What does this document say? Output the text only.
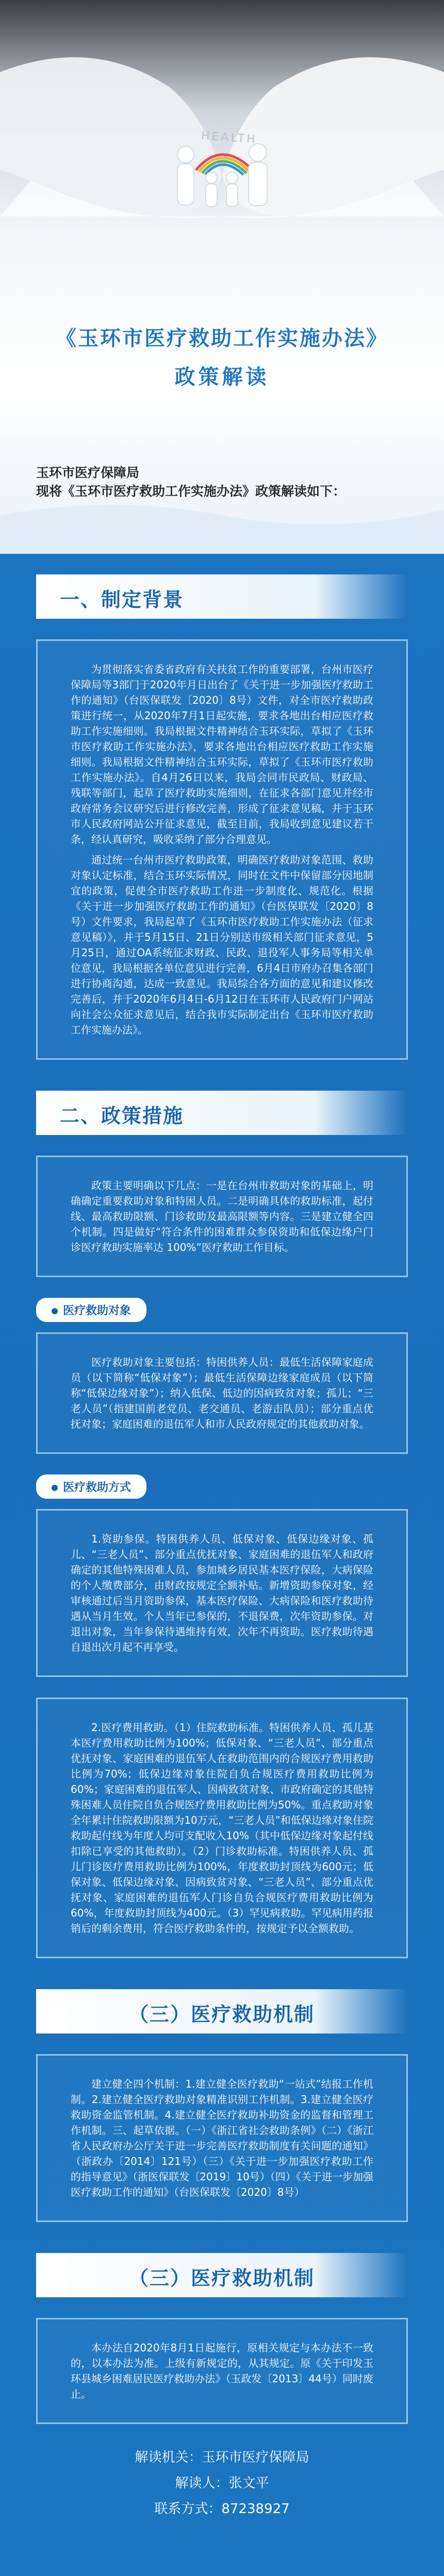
HEALTH
《玉环市医疗救助工作实施办法》
政策解读
玉环市医疗保障局
现将《玉环市医疗救助工作实施办法》政策解读如下：
一、制定背景

为贯彻落实省委省政府有关扶贫工作的重要部署，台州市医疗保障局等3部门于2020年月日出台了《关于进一步加强医疗救助工作的通知》（台医保联发〔2020〕8号）文件，对全市医疗救助政策进行统一，从2020年7月1日起实施，要求各地出台相应医疗救助工作实施细则。我局根据文件精神结合玉环实际，草拟了《玉环市医疗救助工作实施办法》，要求各地出台相应医疗救助工作实施细则。我局根据文件精神结合玉环实际，草拟了《玉环市医疗救助工作实施办法》。自4月26日以来，我局会同市民政局、财政局、残联等部门，起草了医疗救助实施细则，在征求各部门意见并经市政府常务会议研究后进行修改完善，形成了征求意见稿，并于玉环市人民政府网站公开征求意见，截至目前，我局收到意见建议若干条，经认真研究，吸收采纳了部分合理意见。

通过统一台州市医疗救助政策，明确医疗救助对象范围、救助对象认定标准，结合玉环实际情况，同时在文件中保留部分因地制宜的政策，促使全市医疗救助工作进一步制度化、规范化。根据《关于进一步加强医疗救助工作的通知》（台医保联发〔2020〕8号）文件要求，我局起草了《玉环市医疗救助工作实施办法（征求意见稿）》，并于5月15日、21日分别送市级相关部门征求意见，5月25日，通过OA系统征求财政、民政、退役军人事务局等相关单位意见，我局根据各单位意见进行完善，6月4日市府办召集各部门进行协商沟通，达成一致意见。我局综合各方面的意见和建议修改完善后，并于2020年6月4日-6月12日在玉环市人民政府门户网站向社会公众征求意见后，结合我市实际制定出台《玉环市医疗救助工作实施办法》。

二、政策措施

政策主要明确以下几点：一是在台州市救助对象的基础上，明确确定重要救助对象和特困人员。二是明确具体的救助标准，起付线、最高救助限额、门诊救助及最高限额等内容。三是建立健全四个机制。四是做好“符合条件的困难群众参保资助和低保边缘户门诊医疗救助实施率达 100%”医疗救助工作目标。

医疗救助对象

医疗救助对象主要包括：特困供养人员：最低生活保障家庭成员（以下简称“低保对象”）；最低生活保障边缘家庭成员（以下简称“低保边缘对象”）；纳入低保、低边的因病致贫对象；孤儿；“三老人员”（指建国前老党员、老交通员、老游击队员）；部分重点优抚对象；家庭困难的退伍军人和市人民政府规定的其他救助对象。

医疗救助方式

1.资助参保。特困供养人员、低保对象、低保边缘对象、孤儿、“三老人员”、部分重点优抚对象、家庭困难的退伍军人和政府确定的其他特殊困难人员，参加城乡居民基本医疗保险，大病保险的个人缴费部分，由财政按规定全额补贴。新增资助参保对象，经审核通过后当月资助参保，基本医疗保险、大病保险和医疗救助待遇从当月生效。个人当年已参保的，不退保费，次年资助参保。对退出对象，当年参保待遇维持有效，次年不再资助。医疗救助待遇自退出次月起不再享受。

2.医疗费用救助。（1）住院救助标准。特困供养人员、孤儿基本医疗费用救助比例为100%；低保对象、“三老人员”、部分重点优抚对象、家庭困难的退伍军人在救助范围内的合规医疗费用救助比例为70%；低保边缘对象住院自负合规医疗费用救助比例为60%；家庭困难的退伍军人、因病致贫对象、市政府确定的其他特殊困难人员住院自负合规医疗费用救助比例为50%。重点救助对象全年累计住院救助限额为10万元，“三老人员”和低保边缘对象住院救助起付线为年度人均可支配收入10%（其中低保边缘对象起付线扣除已享受的其他救助）。（2）门诊救助标准。特困供养人员、孤儿门诊医疗费用救助比例为100%，年度救助封顶线为600元；低保对象、低保边缘对象、因病致贫对象、“三老人员”、部分重点优抚对象、家庭困难的退伍军人门诊自负合规医疗费用救助比例为60%，年度救助封顶线为400元。（3）罕见病救助。罕见病用药报销后的剩余费用，符合医疗救助条件的，按规定予以全额救助。

（三）医疗救助机制

建立健全四个机制：1.建立健全医疗救助“一站式”结报工作机制。2.建立健全医疗救助对象精准识别工作机制。3.建立健全医疗救助资金监管机制。4.建立健全医疗救助补助资金的监督和管理工作机制。三、起草依据。（一）《浙江省社会救助条例》（二）《浙江省人民政府办公厅关于进一步完善医疗救助制度有关问题的通知》（浙政办〔2014〕121号）（三）《关于进一步加强医疗救助工作的指导意见》（浙医保联发〔2019〕10号）（四）《关于进一步加强医疗救助工作的通知》（台医保联发〔2020〕8号）

（三）医疗救助机制

本办法自2020年8月1日起施行，原相关规定与本办法不一致的，以本办法为准。上级有新规定的，从其规定。原《关于印发玉环县城乡困难居民医疗救助办法》（玉政发〔2013〕44号）同时废止。

解读机关：玉环市医疗保障局
解读人：张文平
联系方式：87238927
